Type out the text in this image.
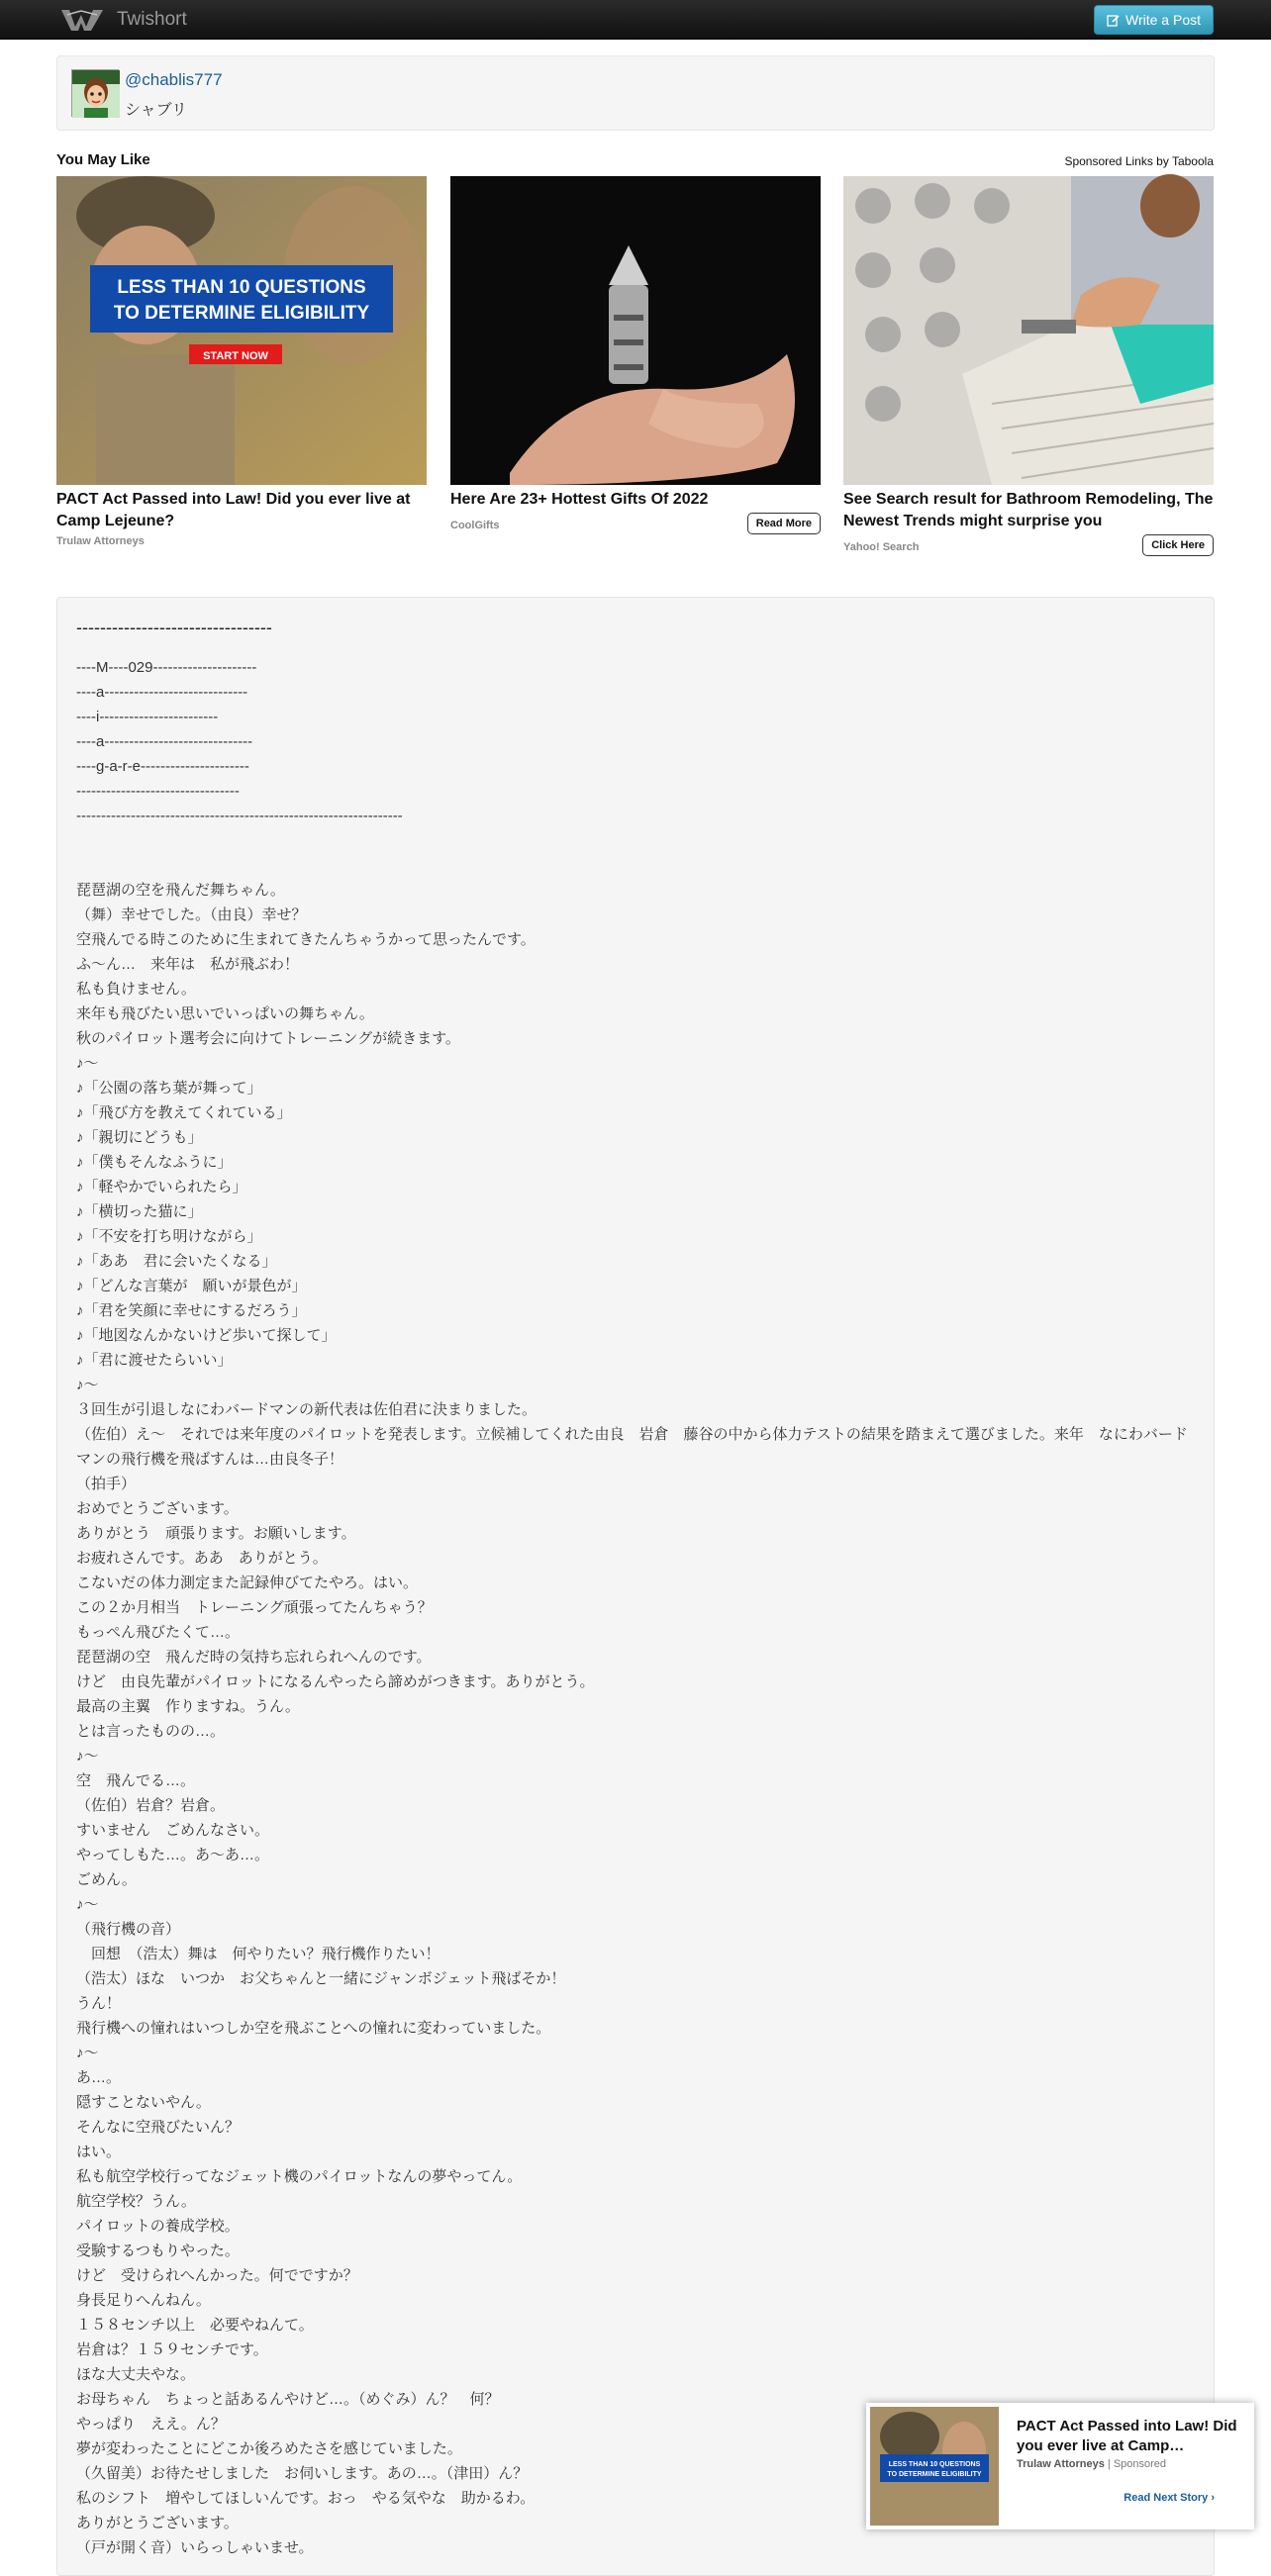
Twishort	Write a Post
@chablis777
シャブリ
You May Like	Sponsored Links by Taboola
LESS THAN 10 QUESTIONS
TO DETERMINE ELIGIBILITY
START NOW
PACT Act Passed into Law! Did you ever live at Camp Lejeune?
Trulaw Attorneys
Here Are 23+ Hottest Gifts Of 2022
CoolGifts	Read More
See Search result for Bathroom Remodeling, The Newest Trends might surprise you
Yahoo! Search	Click Here
---------------------------------
----M----029---------------------
----a-----------------------------
----i------------------------
----a------------------------------
----g-a-r-e----------------------
---------------------------------
------------------------------------------------------------------
琵琶湖の空を飛んだ舞ちゃん。
（舞）幸せでした。（由良）幸せ？
空飛んでる時このために生まれてきたんちゃうかって思ったんです。
ふ～ん…　来年は　私が飛ぶわ！
私も負けません。
来年も飛びたい思いでいっぱいの舞ちゃん。
秋のパイロット選考会に向けてトレーニングが続きます。
♪～
♪「公園の落ち葉が舞って」
♪「飛び方を教えてくれている」
♪「親切にどうも」
♪「僕もそんなふうに」
♪「軽やかでいられたら」
♪「横切った猫に」
♪「不安を打ち明けながら」
♪「ああ　君に会いたくなる」
♪「どんな言葉が　願いが景色が」
♪「君を笑顔に幸せにするだろう」
♪「地図なんかないけど歩いて探して」
♪「君に渡せたらいい」
♪～
３回生が引退しなにわバードマンの新代表は佐伯君に決まりました。
（佐伯）え～　それでは来年度のパイロットを発表します。立候補してくれた由良　岩倉　藤谷の中から体力テストの結果を踏まえて選びました。来年　なにわバードマンの飛行機を飛ばすんは…由良冬子！
（拍手）
おめでとうございます。
ありがとう　頑張ります。お願いします。
お疲れさんです。ああ　ありがとう。
こないだの体力測定また記録伸びてたやろ。はい。
この２か月相当　トレーニング頑張ってたんちゃう？
もっぺん飛びたくて…。
琵琶湖の空　飛んだ時の気持ち忘れられへんのです。
けど　由良先輩がパイロットになるんやったら諦めがつきます。ありがとう。
最高の主翼　作りますね。うん。
とは言ったものの…。
♪～
空　飛んでる…。
（佐伯）岩倉？岩倉。
すいません　ごめんなさい。
やってしもた…。あ～あ…。
ごめん。
♪～
（飛行機の音）
　回想　（浩太）舞は　何やりたい？飛行機作りたい！
（浩太）ほな　いつか　お父ちゃんと一緒にジャンボジェット飛ばそか！
うん！
飛行機への憧れはいつしか空を飛ぶことへの憧れに変わっていました。
♪～
あ…。
隠すことないやん。
そんなに空飛びたいん？
はい。
私も航空学校行ってなジェット機のパイロットなんの夢やってん。
航空学校？うん。
パイロットの養成学校。
受験するつもりやった。
けど　受けられへんかった。何でですか？
身長足りへんねん。
１５８センチ以上　必要やねんて。
岩倉は？１５９センチです。
ほな大丈夫やな。
お母ちゃん　ちょっと話あるんやけど…。（めぐみ）ん？　何？
やっぱり　ええ。ん？
夢が変わったことにどこか後ろめたさを感じていました。
（久留美）お待たせしました　お伺いします。あの…。（津田）ん？
私のシフト　増やしてほしいんです。おっ　やる気やな　助かるわ。
ありがとうございます。
（戸が開く音）いらっしゃいませ。
LESS THAN 10 QUESTIONS
TO DETERMINE ELIGIBILITY
PACT Act Passed into Law! Did you ever live at Camp…
Trulaw Attorneys | Sponsored
Read Next Story ›
